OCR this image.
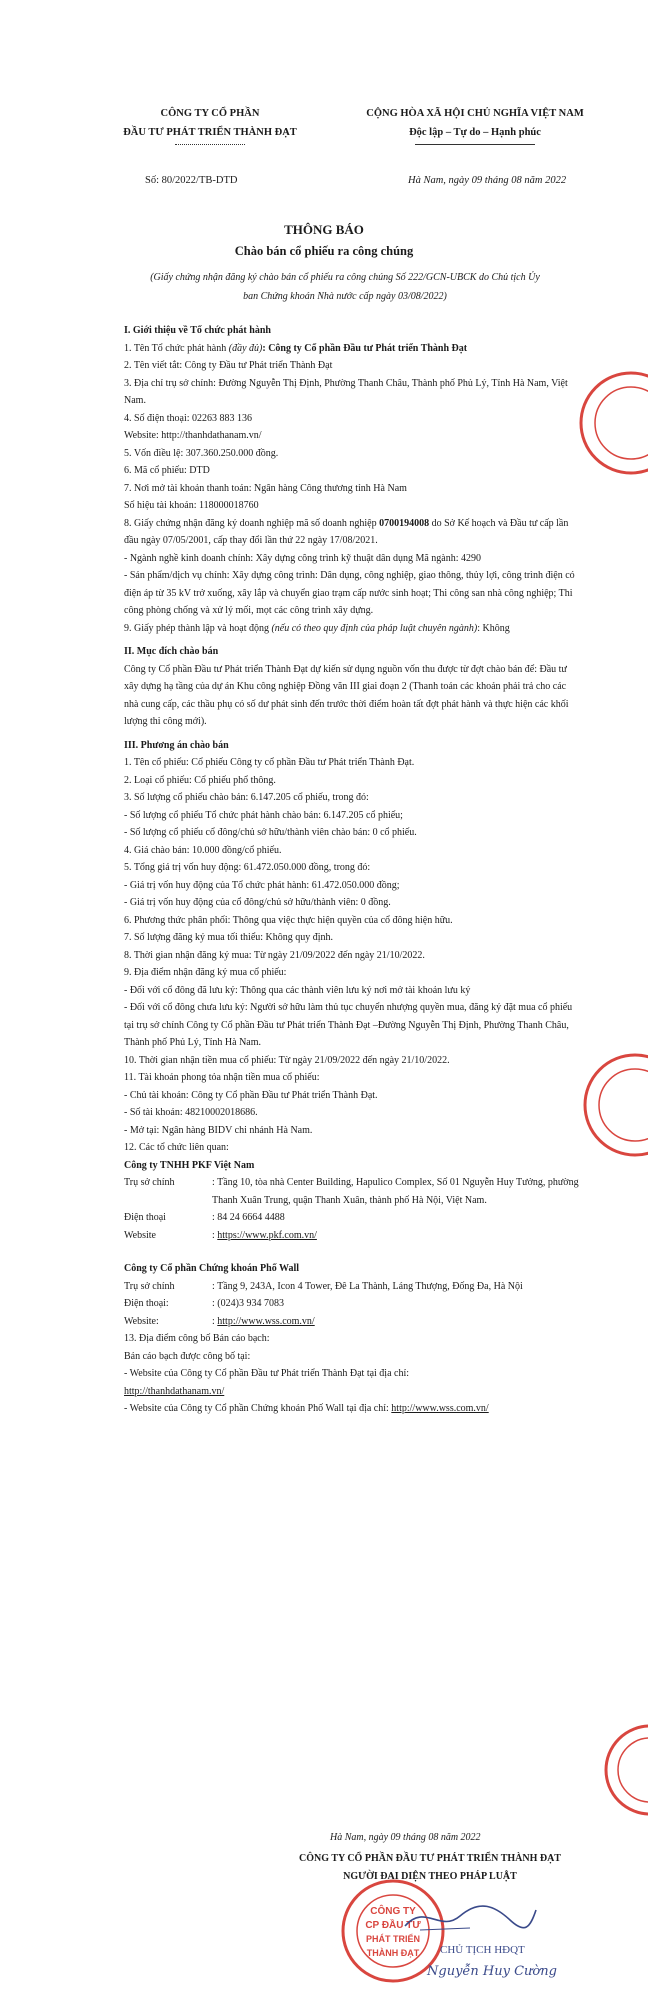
CÔNG TY CỔ PHẦN
ĐẦU TƯ PHÁT TRIỂN THÀNH ĐẠT
CỘNG HÒA XÃ HỘI CHỦ NGHĨA VIỆT NAM
Độc lập – Tự do – Hạnh phúc
Số: 80/2022/TB-DTD	Hà Nam, ngày 09 tháng 08 năm 2022
THÔNG BÁO
Chào bán cổ phiếu ra công chúng
(Giấy chứng nhận đăng ký chào bán cổ phiếu ra công chúng Số 222/GCN-UBCK do Chủ tịch Ủy ban Chứng khoán Nhà nước cấp ngày 03/08/2022)

I. Giới thiệu về Tổ chức phát hành

1. Tên Tổ chức phát hành (đầy đủ): Công ty Cổ phần Đầu tư Phát triển Thành Đạt

2. Tên viết tắt: Công ty Đầu tư Phát triển Thành Đạt

3. Địa chỉ trụ sở chính: Đường Nguyễn Thị Định, Phường Thanh Châu, Thành phố Phủ Lý, Tỉnh Hà Nam, Việt Nam.

4. Số điện thoại: 02263 883 136

Website: http://thanhdathanam.vn/

5. Vốn điều lệ: 307.360.250.000 đồng.

6. Mã cổ phiếu: DTD

7. Nơi mở tài khoản thanh toán: Ngân hàng Công thương tỉnh Hà Nam

Số hiệu tài khoản: 118000018760

8. Giấy chứng nhận đăng ký doanh nghiệp mã số doanh nghiệp 0700194008 do Sở Kế hoạch và Đầu tư cấp lần đầu ngày 07/05/2001, cấp thay đổi lần thứ 22 ngày 17/08/2021.

- Ngành nghề kinh doanh chính: Xây dựng công trình kỹ thuật dân dụng Mã ngành: 4290

- Sản phẩm/dịch vụ chính: Xây dựng công trình: Dân dụng, công nghiệp, giao thông, thủy lợi, công trình điện có điện áp từ 35 kV trở xuống, xây lắp và chuyển giao trạm cấp nước sinh hoạt; Thi công san nhà công nghiệp; Thi công phòng chống và xử lý mối, mọt các công trình xây dựng.

9. Giấy phép thành lập và hoạt động (nếu có theo quy định của pháp luật chuyên ngành): Không

II. Mục đích chào bán

Công ty Cổ phần Đầu tư Phát triển Thành Đạt dự kiến sử dụng nguồn vốn thu được từ đợt chào bán để: Đầu tư xây dựng hạ tầng của dự án Khu công nghiệp Đồng văn III giai đoạn 2 (Thanh toán các khoản phải trả cho các nhà cung cấp, các thầu phụ có số dư phát sinh đến trước thời điểm hoàn tất đợt phát hành và thực hiện các khối lượng thi công mới).

III. Phương án chào bán

1. Tên cổ phiếu: Cổ phiếu Công ty cổ phần Đầu tư Phát triển Thành Đạt.

2. Loại cổ phiếu: Cổ phiếu phổ thông.

3. Số lượng cổ phiếu chào bán: 6.147.205 cổ phiếu, trong đó:

- Số lượng cổ phiếu Tổ chức phát hành chào bán: 6.147.205 cổ phiếu;

- Số lượng cổ phiếu cổ đông/chủ sở hữu/thành viên chào bán: 0 cổ phiếu.

4. Giá chào bán: 10.000 đồng/cổ phiếu.

5. Tổng giá trị vốn huy động: 61.472.050.000 đồng, trong đó:

- Giá trị vốn huy động của Tổ chức phát hành: 61.472.050.000 đồng;

- Giá trị vốn huy động của cổ đông/chủ sở hữu/thành viên: 0 đồng.

6. Phương thức phân phối: Thông qua việc thực hiện quyền của cổ đông hiện hữu.

7. Số lượng đăng ký mua tối thiểu: Không quy định.

8. Thời gian nhận đăng ký mua: Từ ngày 21/09/2022 đến ngày 21/10/2022.

9. Địa điểm nhận đăng ký mua cổ phiếu:

- Đối với cổ đông đã lưu ký: Thông qua các thành viên lưu ký nơi mở tài khoản lưu ký

- Đối với cổ đông chưa lưu ký: Người sở hữu làm thủ tục chuyển nhượng quyền mua, đăng ký đặt mua cổ phiếu tại trụ sở chính Công ty Cổ phần Đầu tư Phát triển Thành Đạt –Đường Nguyễn Thị Định, Phường Thanh Châu, Thành phố Phủ Lý, Tỉnh Hà Nam.

10. Thời gian nhận tiền mua cổ phiếu: Từ ngày 21/09/2022 đến ngày 21/10/2022.

11. Tài khoản phong tỏa nhận tiền mua cổ phiếu:

- Chủ tài khoản: Công ty Cổ phần Đầu tư Phát triển Thành Đạt.

- Số tài khoản: 48210002018686.

- Mở tại: Ngân hàng BIDV chi nhánh Hà Nam.

12. Các tổ chức liên quan:

Công ty TNHH PKF Việt Nam

Trụ sở chính	: Tầng 10, tòa nhà Center Building, Hapulico Complex, Số 01 Nguyễn Huy Tưởng, phường Thanh Xuân Trung, quận Thanh Xuân, thành phố Hà Nội, Việt Nam.
Điện thoại	: 84 24 6664 4488
Website	: https://www.pkf.com.vn/

Công ty Cổ phần Chứng khoán Phố Wall

Trụ sở chính	: Tầng 9, 243A, Icon 4 Tower, Đê La Thành, Láng Thượng, Đống Đa, Hà Nội
Điện thoại:	: (024)3 934 7083
Website:	: http://www.wss.com.vn/

13. Địa điểm công bố Bản cáo bạch:

Bản cáo bạch được công bố tại:

- Website của Công ty Cổ phần Đầu tư Phát triển Thành Đạt tại địa chỉ:

http://thanhdathanam.vn/

- Website của Công ty Cổ phần Chứng khoán Phố Wall tại địa chỉ: http://www.wss.com.vn/

Hà Nam, ngày 09 tháng 08 năm 2022
CÔNG TY CỔ PHẦN ĐẦU TƯ PHÁT TRIỂN THÀNH ĐẠT
NGƯỜI ĐẠI DIỆN THEO PHÁP LUẬT
CÔNG TY
CP ĐẦU TƯ
PHÁT TRIỂN
THÀNH ĐẠT CHỦ TỊCH HĐQT
Nguyễn Huy Cường
